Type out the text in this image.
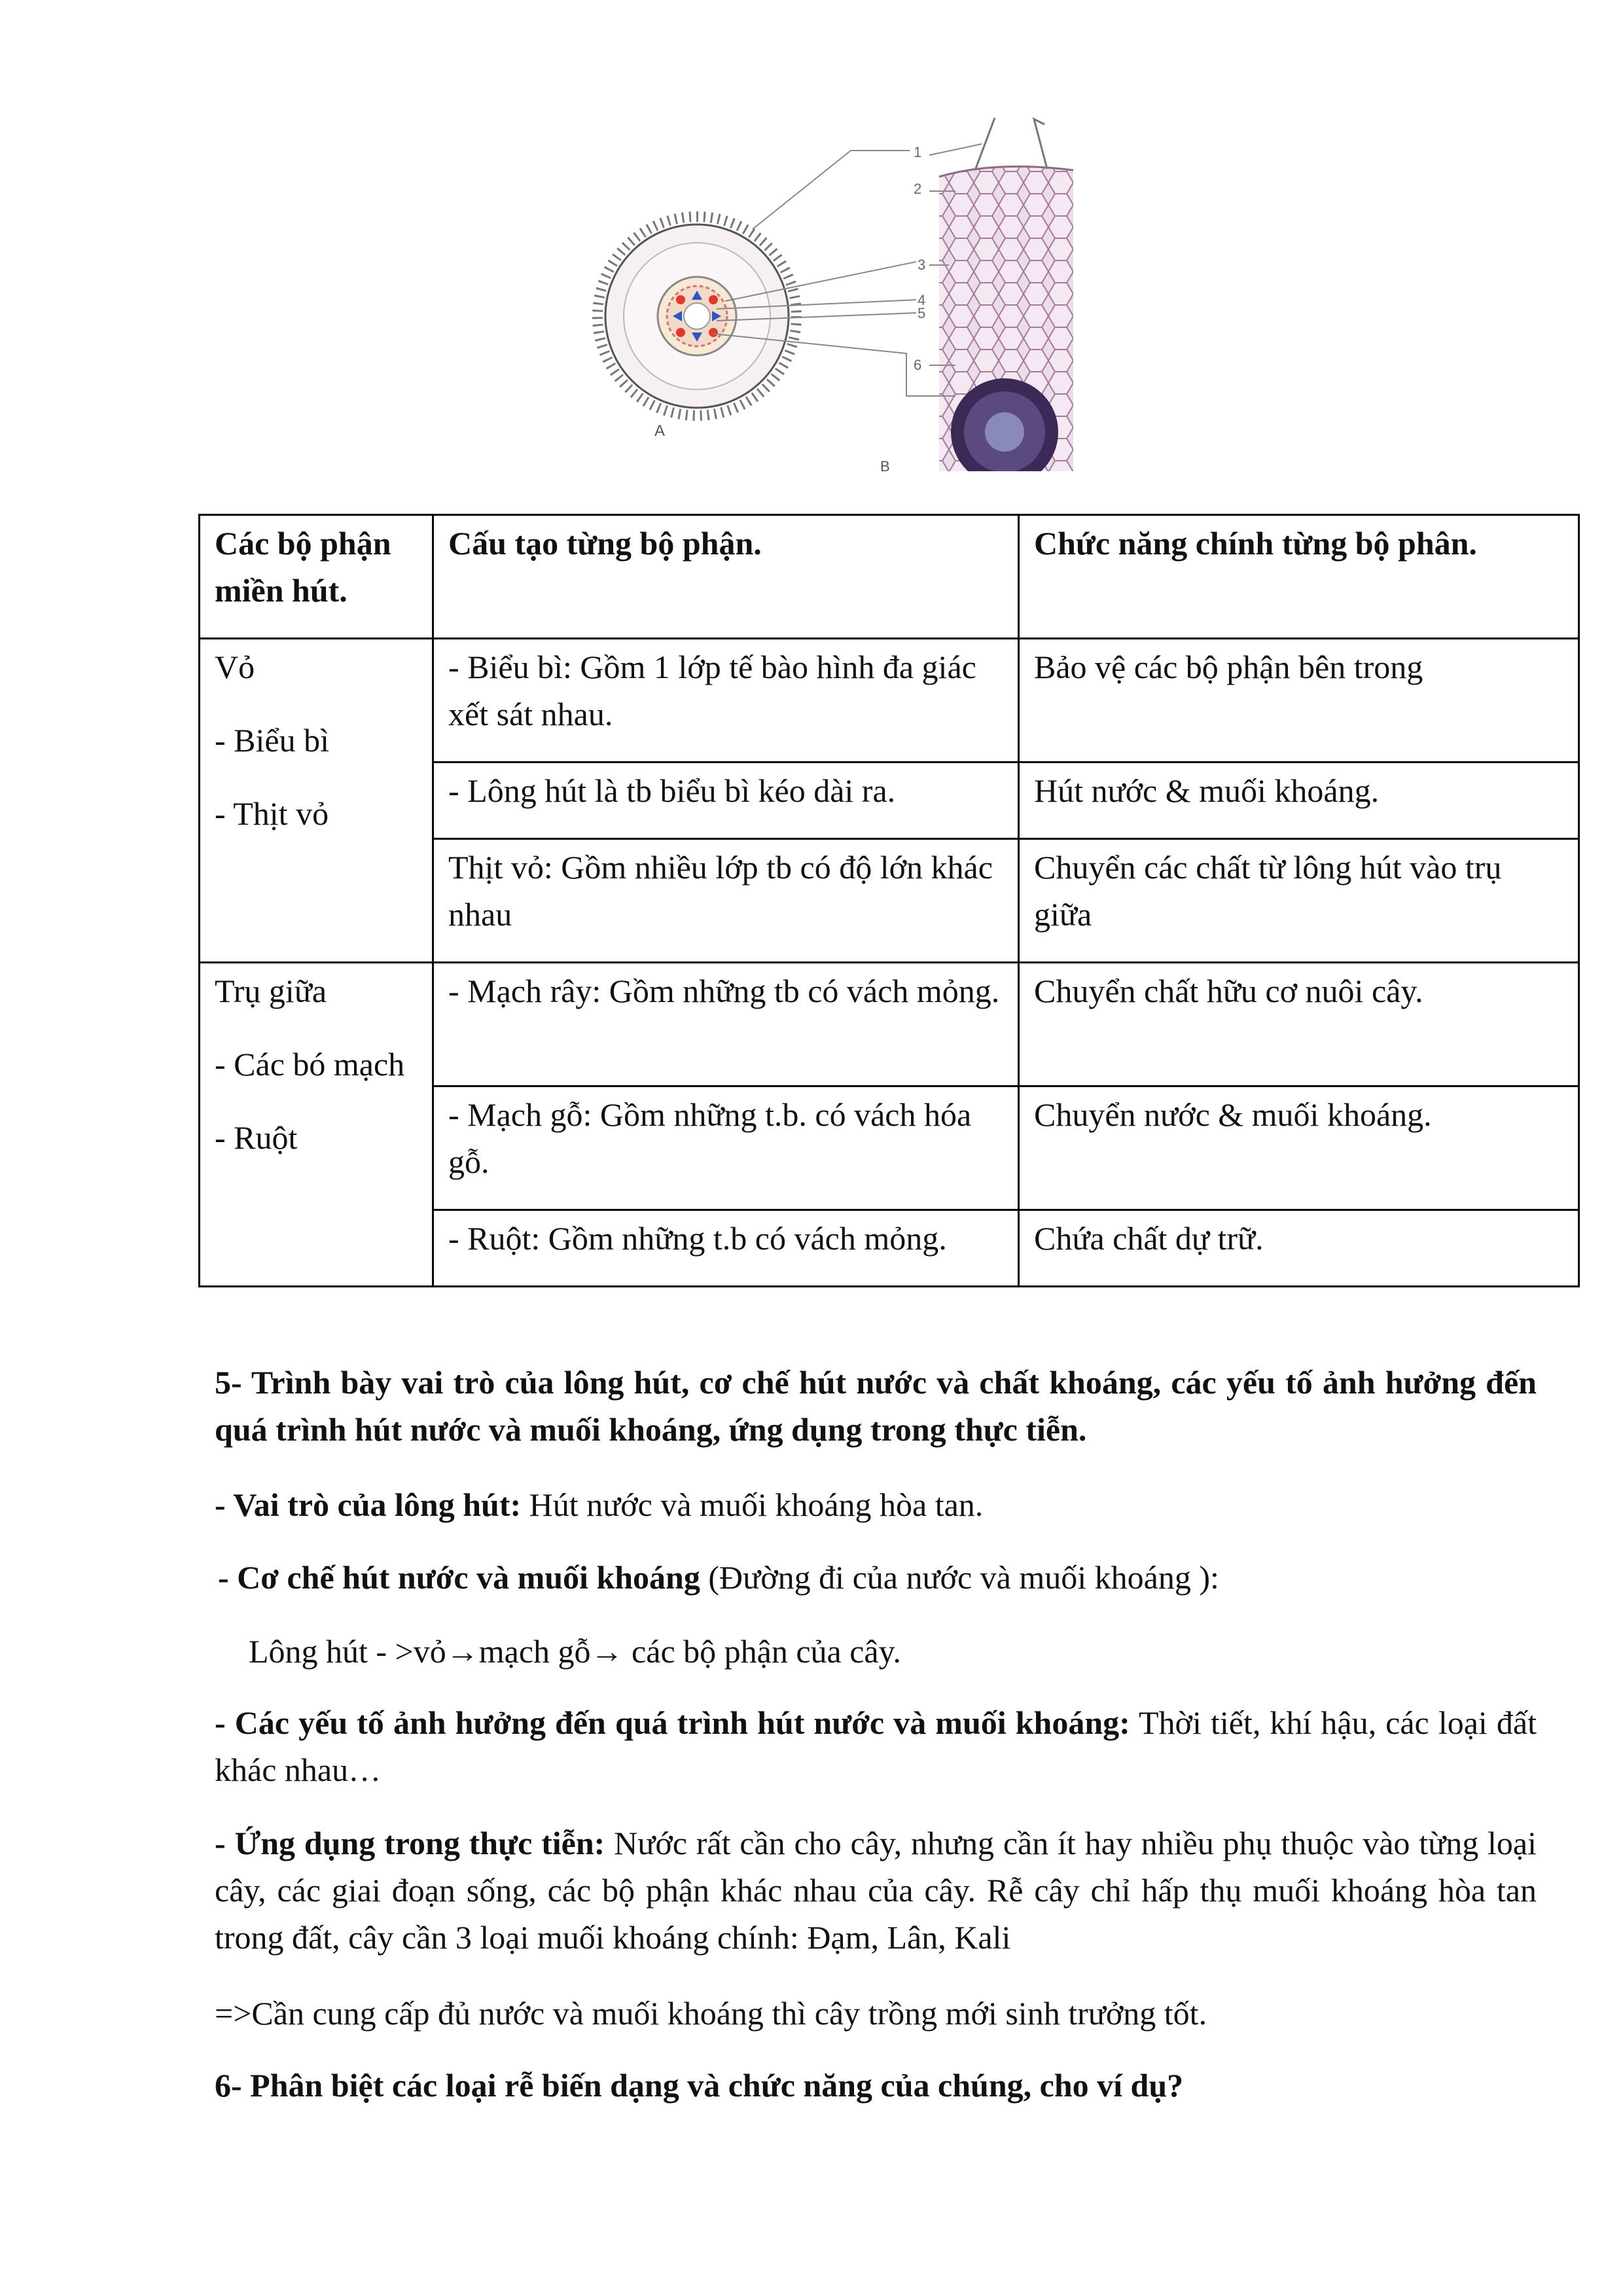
A
B
1
2
3
4
5
6
Các bộ phận miền hút.	Cấu tạo từng bộ phận.	Chức năng chính từng bộ phân.

Vỏ

- Biểu bì

- Thịt vỏ	- Biểu bì: Gồm 1 lớp tế bào hình đa giác xết sát nhau.	Bảo vệ các bộ phận bên trong
	- Lông hút là tb biểu bì kéo dài ra.	Hút nước & muối khoáng.
	Thịt vỏ: Gồm nhiều lớp tb có độ lớn khác nhau	Chuyển các chất từ lông hút vào trụ giữa

Trụ giữa

- Các bó mạch

- Ruột	- Mạch rây: Gồm những tb có vách mỏng.	Chuyển chất hữu cơ nuôi cây.
	- Mạch gỗ: Gồm những t.b. có vách hóa gỗ.	Chuyển nước & muối khoáng.
	- Ruột: Gồm những t.b có vách mỏng.	Chứa chất dự trữ.

5- Trình bày vai trò của lông hút, cơ chế hút nước và chất khoáng, các yếu tố ảnh hưởng đến quá trình hút nước và muối khoáng, ứng dụng trong thực tiễn.

- Vai trò của lông hút: Hút nước và muối khoáng hòa tan.

- Cơ chế hút nước và muối khoáng (Đường đi của nước và muối khoáng ):

Lông hút - >vỏ→mạch gỗ→ các bộ phận của cây.

- Các yếu tố ảnh hưởng đến quá trình hút nước và muối khoáng: Thời tiết, khí hậu, các loại đất khác nhau…

- Ứng dụng trong thực tiễn: Nước rất cần cho cây, nhưng cần ít hay nhiều phụ thuộc vào từng loại cây, các giai đoạn sống, các bộ phận khác nhau của cây. Rễ cây chỉ hấp thụ muối khoáng hòa tan trong đất, cây cần 3 loại muối khoáng chính: Đạm, Lân, Kali

=>Cần cung cấp đủ nước và muối khoáng thì cây trồng mới sinh trưởng tốt.

6- Phân biệt các loại rễ biến dạng và chức năng của chúng, cho ví dụ?
